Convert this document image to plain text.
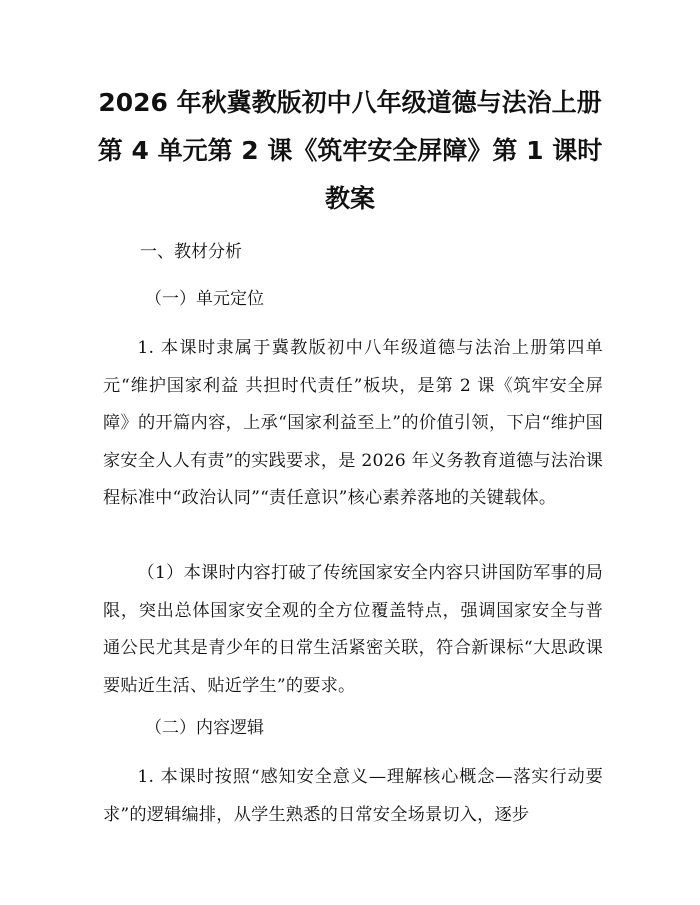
2026 年秋冀教版初中八年级道德与法治上册
第 4 单元第 2 课《筑牢安全屏障》第 1 课时
教案
一、教材分析
（一）单元定位
1. 本课时隶属于冀教版初中八年级道德与法治上册第四单元“维护国家利益 共担时代责任”板块，是第 2 课《筑牢安全屏障》的开篇内容，上承“国家利益至上”的价值引领，下启“维护国家安全人人有责”的实践要求，是 2026 年义务教育道德与法治课程标准中“政治认同”“责任意识”核心素养落地的关键载体。
（1）本课时内容打破了传统国家安全内容只讲国防军事的局限，突出总体国家安全观的全方位覆盖特点，强调国家安全与普通公民尤其是青少年的日常生活紧密关联，符合新课标“大思政课要贴近生活、贴近学生”的要求。
（二）内容逻辑
1. 本课时按照“感知安全意义—理解核心概念—落实行动要求”的逻辑编排，从学生熟悉的日常安全场景切入，逐步
